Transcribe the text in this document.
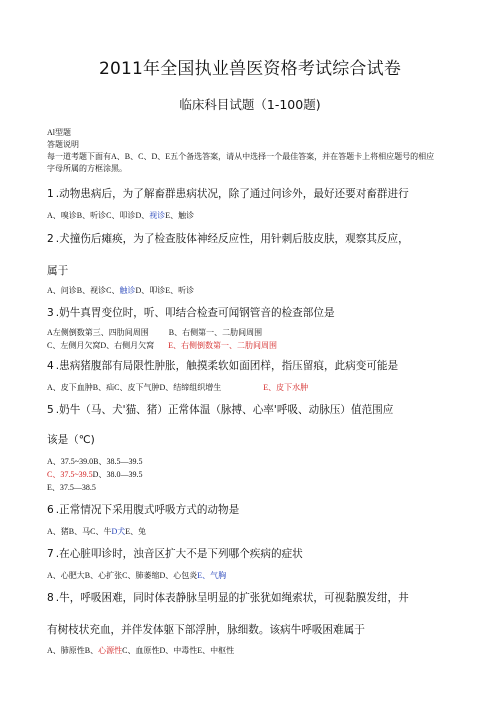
2011年全国执业兽医资格考试综合试卷
临床科目试题（1-100题)
Al型题
答题说明
每一道考题下面有A、B、C、D、E五个备选答案，请从中选择一个最佳答案，并在答题卡上将相应题号的相应
字母所属的方框涂黑。
1 .动物患病后，为了解畜群患病状况，除了通过问诊外，最好还要对畜群进行
A、嗅诊B、听诊C、叩诊D、视诊E、触诊
2 .犬撞伤后瘫痪，为了检查肢体神经反应性，用针刺后肢皮肤，观察其反应，
属于
A、问诊B、视诊C、触诊D、叩诊E、听诊
3 .奶牛真胃变位时，听、叩结合检查可闻钢管音的检查部位是
A左侧倒数第三、四肋间周围	B、右侧第一、二肋间周围
C、左侧月欠窝D、右侧月欠窝 E、右侧倒数第一、二肋间周围
4 .患病猪腹部有局限性肿胀，触摸柔软如面团样，指压留痕，此病变可能是
A、皮下血肿B、疝C、皮下气肿D、结缔组织增生	E、皮下水肿
5 .奶牛（马、犬'猫、猪）正常体温（脉搏、心率'呼吸、动脉压）值范围应
该是（℃)
A、37.5~39.0B、38.5—39.5
C、37.5~39.5D、38.0—39.5
E、37.5—38.5
6 .正常情况下采用腹式呼吸方式的动物是
A、猪B、马C、牛D犬E、兔
7 .在心脏叩诊时，浊音区扩大不是下列哪个疾病的症状
A、心肥大B、心扩张C、肺萎缩D、心包炎E、气胸
8 .牛，呼吸困难，同时体表静脉呈明显的扩张犹如绳索状，可视黏膜发绀，井
有树枝状充血，并伴发体躯下部浮肿，脉细数。该病牛呼吸困难属于
A、肺原性B、心源性C、血原性D、中毒性E、中枢性
